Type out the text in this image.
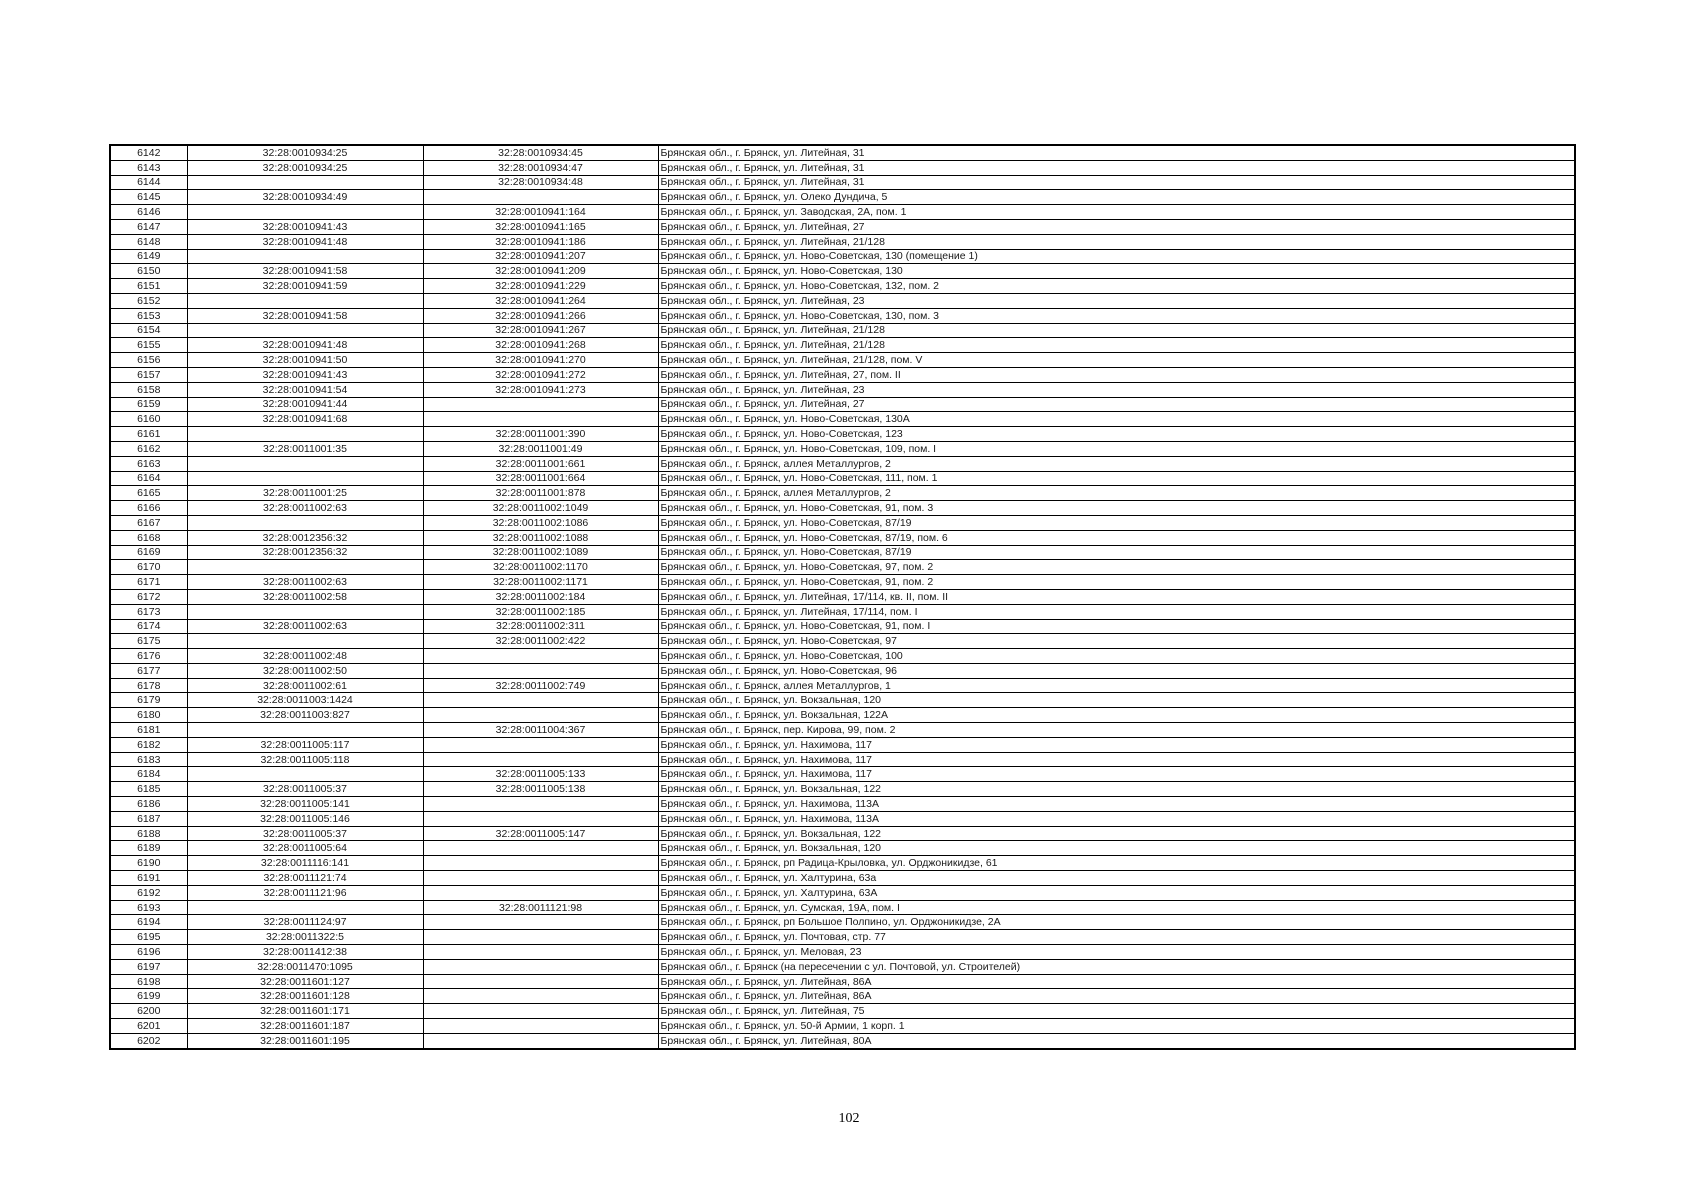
6142	32:28:0010934:25	32:28:0010934:45	Брянская обл., г. Брянск, ул. Литейная, 31
6143	32:28:0010934:25	32:28:0010934:47	Брянская обл., г. Брянск, ул. Литейная, 31
6144		32:28:0010934:48	Брянская обл., г. Брянск, ул. Литейная, 31
6145	32:28:0010934:49		Брянская обл., г. Брянск, ул. Олеко Дундича, 5
6146		32:28:0010941:164	Брянская обл., г. Брянск, ул. Заводская, 2А, пом. 1
6147	32:28:0010941:43	32:28:0010941:165	Брянская обл., г. Брянск, ул. Литейная, 27
6148	32:28:0010941:48	32:28:0010941:186	Брянская обл., г. Брянск, ул. Литейная, 21/128
6149		32:28:0010941:207	Брянская обл., г. Брянск, ул. Ново-Советская, 130 (помещение 1)
6150	32:28:0010941:58	32:28:0010941:209	Брянская обл., г. Брянск, ул. Ново-Советская, 130
6151	32:28:0010941:59	32:28:0010941:229	Брянская обл., г. Брянск, ул. Ново-Советская, 132, пом. 2
6152		32:28:0010941:264	Брянская обл., г. Брянск, ул. Литейная, 23
6153	32:28:0010941:58	32:28:0010941:266	Брянская обл., г. Брянск, ул. Ново-Советская, 130, пом. 3
6154		32:28:0010941:267	Брянская обл., г. Брянск, ул. Литейная, 21/128
6155	32:28:0010941:48	32:28:0010941:268	Брянская обл., г. Брянск, ул. Литейная, 21/128
6156	32:28:0010941:50	32:28:0010941:270	Брянская обл., г. Брянск, ул. Литейная, 21/128, пом. V
6157	32:28:0010941:43	32:28:0010941:272	Брянская обл., г. Брянск, ул. Литейная, 27, пом. II
6158	32:28:0010941:54	32:28:0010941:273	Брянская обл., г. Брянск, ул. Литейная, 23
6159	32:28:0010941:44		Брянская обл., г. Брянск, ул. Литейная, 27
6160	32:28:0010941:68		Брянская обл., г. Брянск, ул. Ново-Советская, 130А
6161		32:28:0011001:390	Брянская обл., г. Брянск, ул. Ново-Советская, 123
6162	32:28:0011001:35	32:28:0011001:49	Брянская обл., г. Брянск, ул. Ново-Советская, 109, пом. I
6163		32:28:0011001:661	Брянская обл., г. Брянск, аллея Металлургов, 2
6164		32:28:0011001:664	Брянская обл., г. Брянск, ул. Ново-Советская, 111, пом. 1
6165	32:28:0011001:25	32:28:0011001:878	Брянская обл., г. Брянск, аллея Металлургов, 2
6166	32:28:0011002:63	32:28:0011002:1049	Брянская обл., г. Брянск, ул. Ново-Советская, 91, пом. 3
6167		32:28:0011002:1086	Брянская обл., г. Брянск, ул. Ново-Советская, 87/19
6168	32:28:0012356:32	32:28:0011002:1088	Брянская обл., г. Брянск, ул. Ново-Советская, 87/19, пом. 6
6169	32:28:0012356:32	32:28:0011002:1089	Брянская обл., г. Брянск, ул. Ново-Советская, 87/19
6170		32:28:0011002:1170	Брянская обл., г. Брянск, ул. Ново-Советская, 97, пом. 2
6171	32:28:0011002:63	32:28:0011002:1171	Брянская обл., г. Брянск, ул. Ново-Советская, 91, пом. 2
6172	32:28:0011002:58	32:28:0011002:184	Брянская обл., г. Брянск, ул. Литейная, 17/114, кв. II, пом. II
6173		32:28:0011002:185	Брянская обл., г. Брянск, ул. Литейная, 17/114, пом. I
6174	32:28:0011002:63	32:28:0011002:311	Брянская обл., г. Брянск, ул. Ново-Советская, 91, пом. I
6175		32:28:0011002:422	Брянская обл., г. Брянск, ул. Ново-Советская, 97
6176	32:28:0011002:48		Брянская обл., г. Брянск, ул. Ново-Советская, 100
6177	32:28:0011002:50		Брянская обл., г. Брянск, ул. Ново-Советская, 96
6178	32:28:0011002:61	32:28:0011002:749	Брянская обл., г. Брянск, аллея Металлургов, 1
6179	32:28:0011003:1424		Брянская обл., г. Брянск, ул. Вокзальная, 120
6180	32:28:0011003:827		Брянская обл., г. Брянск, ул. Вокзальная, 122А
6181		32:28:0011004:367	Брянская обл., г. Брянск, пер. Кирова, 99, пом. 2
6182	32:28:0011005:117		Брянская обл., г. Брянск, ул. Нахимова, 117
6183	32:28:0011005:118		Брянская обл., г. Брянск, ул. Нахимова, 117
6184		32:28:0011005:133	Брянская обл., г. Брянск, ул. Нахимова, 117
6185	32:28:0011005:37	32:28:0011005:138	Брянская обл., г. Брянск, ул. Вокзальная, 122
6186	32:28:0011005:141		Брянская обл., г. Брянск, ул. Нахимова, 113А
6187	32:28:0011005:146		Брянская обл., г. Брянск, ул. Нахимова, 113А
6188	32:28:0011005:37	32:28:0011005:147	Брянская обл., г. Брянск, ул. Вокзальная, 122
6189	32:28:0011005:64		Брянская обл., г. Брянск, ул. Вокзальная, 120
6190	32:28:0011116:141		Брянская обл., г. Брянск, рп Радица-Крыловка, ул. Орджоникидзе, 61
6191	32:28:0011121:74		Брянская обл., г. Брянск, ул. Халтурина, 63а
6192	32:28:0011121:96		Брянская обл., г. Брянск, ул. Халтурина, 63А
6193		32:28:0011121:98	Брянская обл., г. Брянск, ул. Сумская, 19А, пом. I
6194	32:28:0011124:97		Брянская обл., г. Брянск, рп Большое Полпино, ул. Орджоникидзе, 2А
6195	32:28:0011322:5		Брянская обл., г. Брянск, ул. Почтовая, стр. 77
6196	32:28:0011412:38		Брянская обл., г. Брянск, ул. Меловая, 23
6197	32:28:0011470:1095		Брянская обл., г. Брянск (на пересечении с ул. Почтовой, ул. Строителей)
6198	32:28:0011601:127		Брянская обл., г. Брянск, ул. Литейная, 86А
6199	32:28:0011601:128		Брянская обл., г. Брянск, ул. Литейная, 86А
6200	32:28:0011601:171		Брянская обл., г. Брянск, ул. Литейная, 75
6201	32:28:0011601:187		Брянская обл., г. Брянск, ул. 50-й Армии, 1 корп. 1
6202	32:28:0011601:195		Брянская обл., г. Брянск, ул. Литейная, 80А
102
